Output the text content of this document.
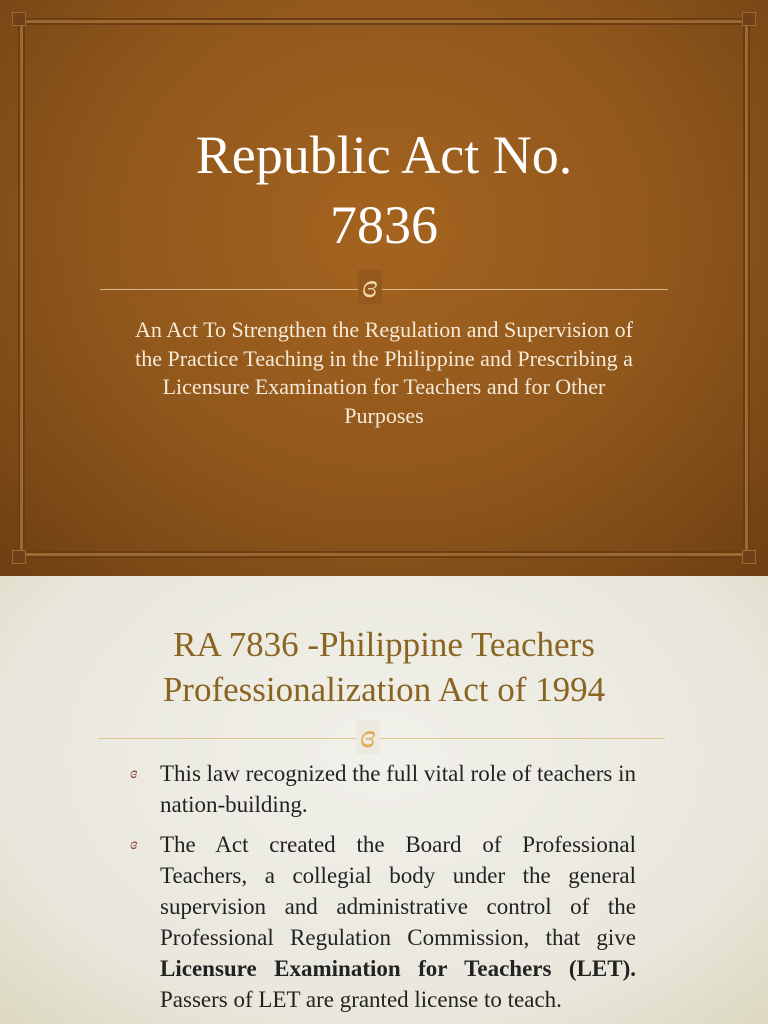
Republic Act No.
7836
ɞ
An Act To Strengthen the Regulation and Supervision of the Practice Teaching in the Philippine and Prescribing a Licensure Examination for Teachers and for Other Purposes
RA 7836 -Philippine Teachers
Professionalization Act of 1994
ɞ
ɞ This law recognized the full vital role of teachers in nation-building.
ɞ The Act created the Board of Professional Teachers, a collegial body under the general supervision and administrative control of the Professional Regulation Commission, that give Licensure Examination for Teachers (LET). Passers of LET are granted license to teach.
